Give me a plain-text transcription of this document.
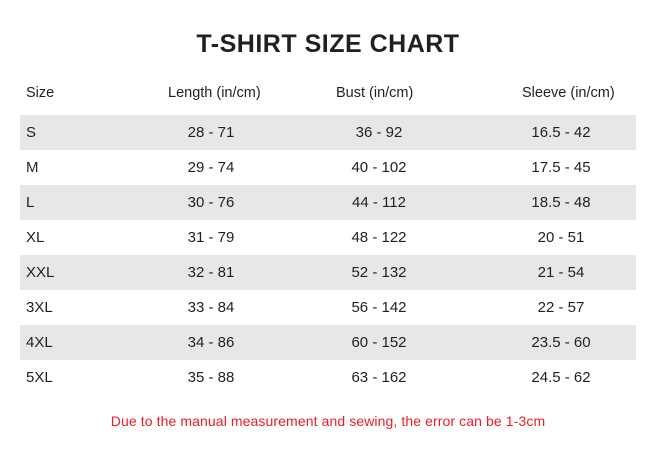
T-SHIRT SIZE CHART
Size	Length (in/cm)	Bust (in/cm)	Sleeve (in/cm)
S	28 - 71	36 - 92	16.5 - 42
M	29 - 74	40 - 102	17.5 - 45
L	30 - 76	44 - 112	18.5 - 48
XL	31 - 79	48 - 122	20 - 51
XXL	32 - 81	52 - 132	21 - 54
3XL	33 - 84	56 - 142	22 - 57
4XL	34 - 86	60 - 152	23.5 - 60
5XL	35 - 88	63 - 162	24.5 - 62
Due to the manual measurement and sewing, the error can be 1-3cm
